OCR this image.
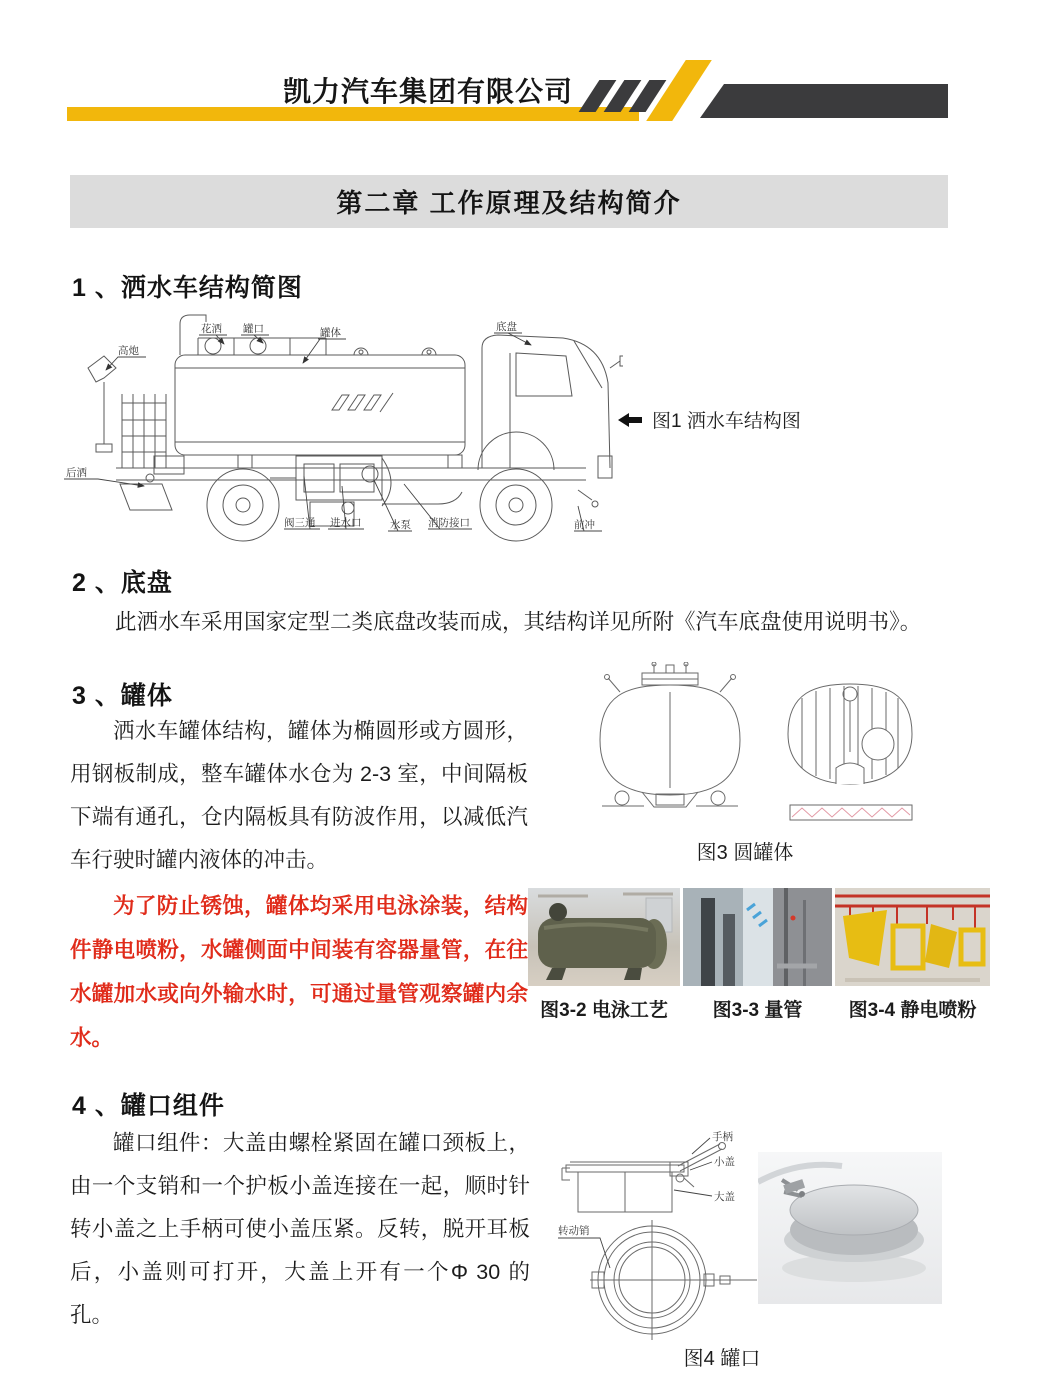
凯力汽车集团有限公司
第二章 工作原理及结构简介
1 、洒水车结构简图
后洒
高炮
花洒 罐口	罐体	底盘
阀三通 进水口	水泵 消防接口	前冲
图1 洒水车结构图
2 、底盘
此洒水车采用国家定型二类底盘改装而成，其结构详见所附《汽车底盘使用说明书》。
3 、罐体
洒水车罐体结构，罐体为椭圆形或方圆形，用钢板制成，整车罐体水仓为 2-3 室，中间隔板下端有通孔，仓内隔板具有防波作用，以减低汽车行驶时罐内液体的冲击。	图3 圆罐体
为了防止锈蚀，罐体均采用电泳涂装，结构件静电喷粉，水罐侧面中间装有容器量管，在往水罐加水或向外输水时，可通过量管观察罐内余水。
图3-2 电泳工艺 图3-3 量管 图3-4 静电喷粉
4 、罐口组件
罐口组件：大盖由螺栓紧固在罐口颈板上，由一个支销和一个护板小盖连接在一起，顺时针转小盖之上手柄可使小盖压紧。反转，脱开耳板后，小盖则可打开，大盖上开有一个Φ 30 的孔。
手柄
小盖
大盖
转动销
图4 罐口
